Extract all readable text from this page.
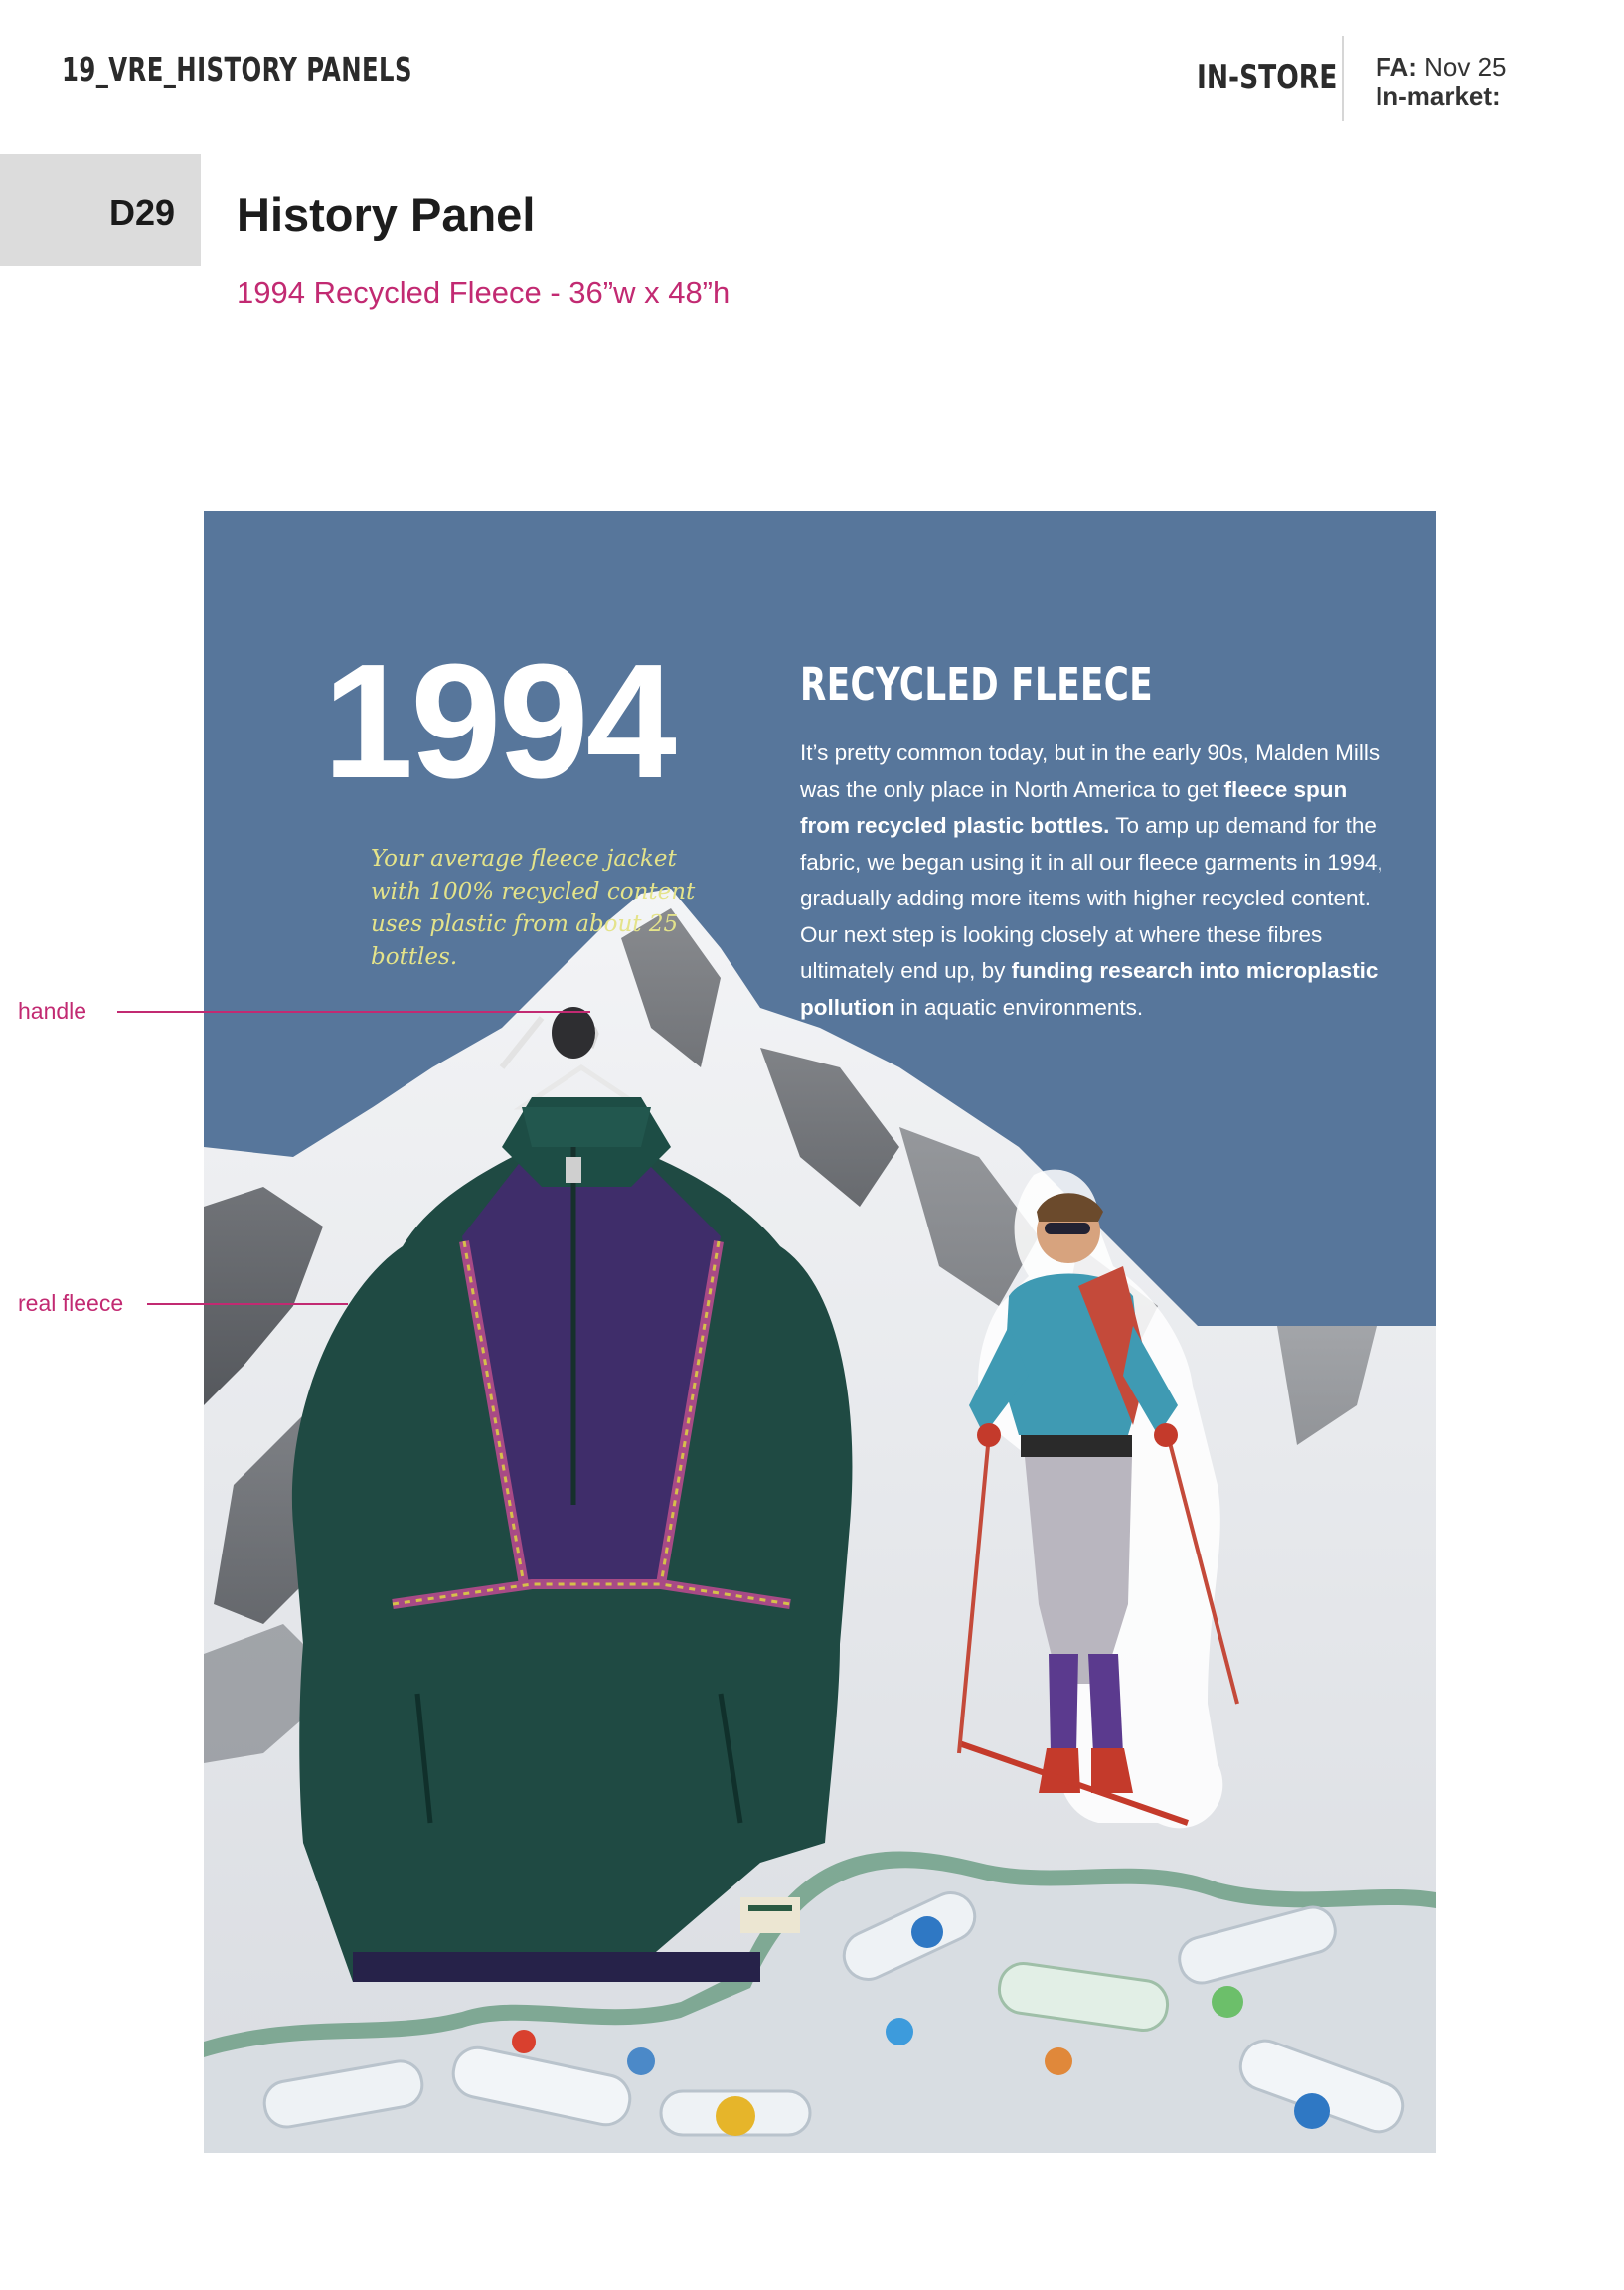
19_VRE_HISTORY PANELS	IN-STORE FA: Nov 25
In-market:
D29 History Panel
1994 Recycled Fleece - 36”w x 48”h
1994
Your average fleece jacket with 100% recycled content uses plastic from about 25 bottles.
RECYCLED FLEECE

It’s pretty common today, but in the early 90s, Malden Mills was the only place in North America to get fleece spun from recycled plastic bottles. To amp up demand for the fabric, we began using it in all our fleece garments in 1994, gradually adding more items with higher recycled content. Our next step is looking closely at where these fibres ultimately end up, by funding research into microplastic pollution in aquatic environments.

handle
real fleece
